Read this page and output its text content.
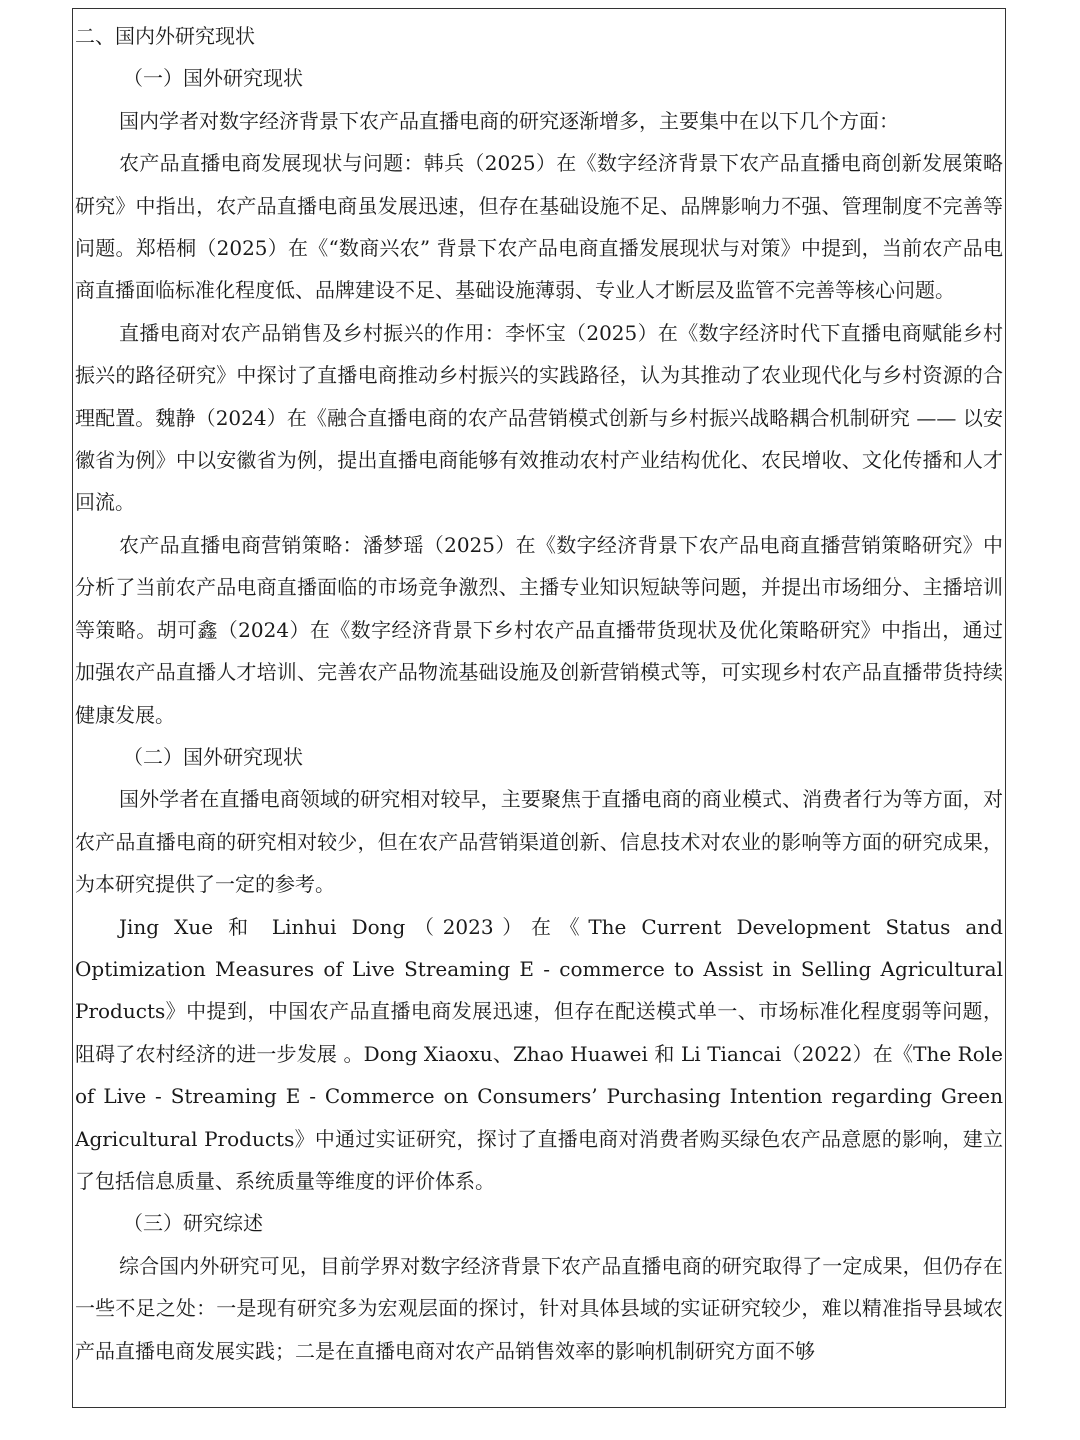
二、国内外研究现状

（一）国外研究现状

国内学者对数字经济背景下农产品直播电商的研究逐渐增多，主要集中在以下几个方面：

农产品直播电商发展现状与问题：韩兵（2025）在《数字经济背景下农产品直播电商创新发展策略研究》中指出，农产品直播电商虽发展迅速，但存在基础设施不足、品牌影响力不强、管理制度不完善等问题。郑梧桐（2025）在《“数商兴农” 背景下农产品电商直播发展现状与对策》中提到，当前农产品电商直播面临标准化程度低、品牌建设不足、基础设施薄弱、专业人才断层及监管不完善等核心问题。

直播电商对农产品销售及乡村振兴的作用：李怀宝（2025）在《数字经济时代下直播电商赋能乡村振兴的路径研究》中探讨了直播电商推动乡村振兴的实践路径，认为其推动了农业现代化与乡村资源的合理配置。魏静（2024）在《融合直播电商的农产品营销模式创新与乡村振兴战略耦合机制研究 —— 以安徽省为例》中以安徽省为例，提出直播电商能够有效推动农村产业结构优化、农民增收、文化传播和人才回流。

农产品直播电商营销策略：潘梦瑶（2025）在《数字经济背景下农产品电商直播营销策略研究》中分析了当前农产品电商直播面临的市场竞争激烈、主播专业知识短缺等问题，并提出市场细分、主播培训等策略。胡可鑫（2024）在《数字经济背景下乡村农产品直播带货现状及优化策略研究》中指出，通过加强农产品直播人才培训、完善农产品物流基础设施及创新营销模式等，可实现乡村农产品直播带货持续健康发展。

（二）国外研究现状

国外学者在直播电商领域的研究相对较早，主要聚焦于直播电商的商业模式、消费者行为等方面，对农产品直播电商的研究相对较少，但在农产品营销渠道创新、信息技术对农业的影响等方面的研究成果，为本研究提供了一定的参考。

Jing Xue 和 Linhui Dong（2023）在《The Current Development Status and Optimization Measures of Live Streaming E - commerce to Assist in Selling Agricultural Products》中提到，中国农产品直播电商发展迅速，但存在配送模式单一、市场标准化程度弱等问题，阻碍了农村经济的进一步发展 。Dong Xiaoxu、Zhao Huawei 和 Li Tiancai（2022）在《The Role of Live - Streaming E - Commerce on Consumers’ Purchasing Intention regarding Green Agricultural Products》中通过实证研究，探讨了直播电商对消费者购买绿色农产品意愿的影响，建立了包括信息质量、系统质量等维度的评价体系。

（三）研究综述

综合国内外研究可见，目前学界对数字经济背景下农产品直播电商的研究取得了一定成果，但仍存在一些不足之处：一是现有研究多为宏观层面的探讨，针对具体县域的实证研究较少，难以精准指导县域农产品直播电商发展实践；二是在直播电商对农产品销售效率的影响机制研究方面不够
